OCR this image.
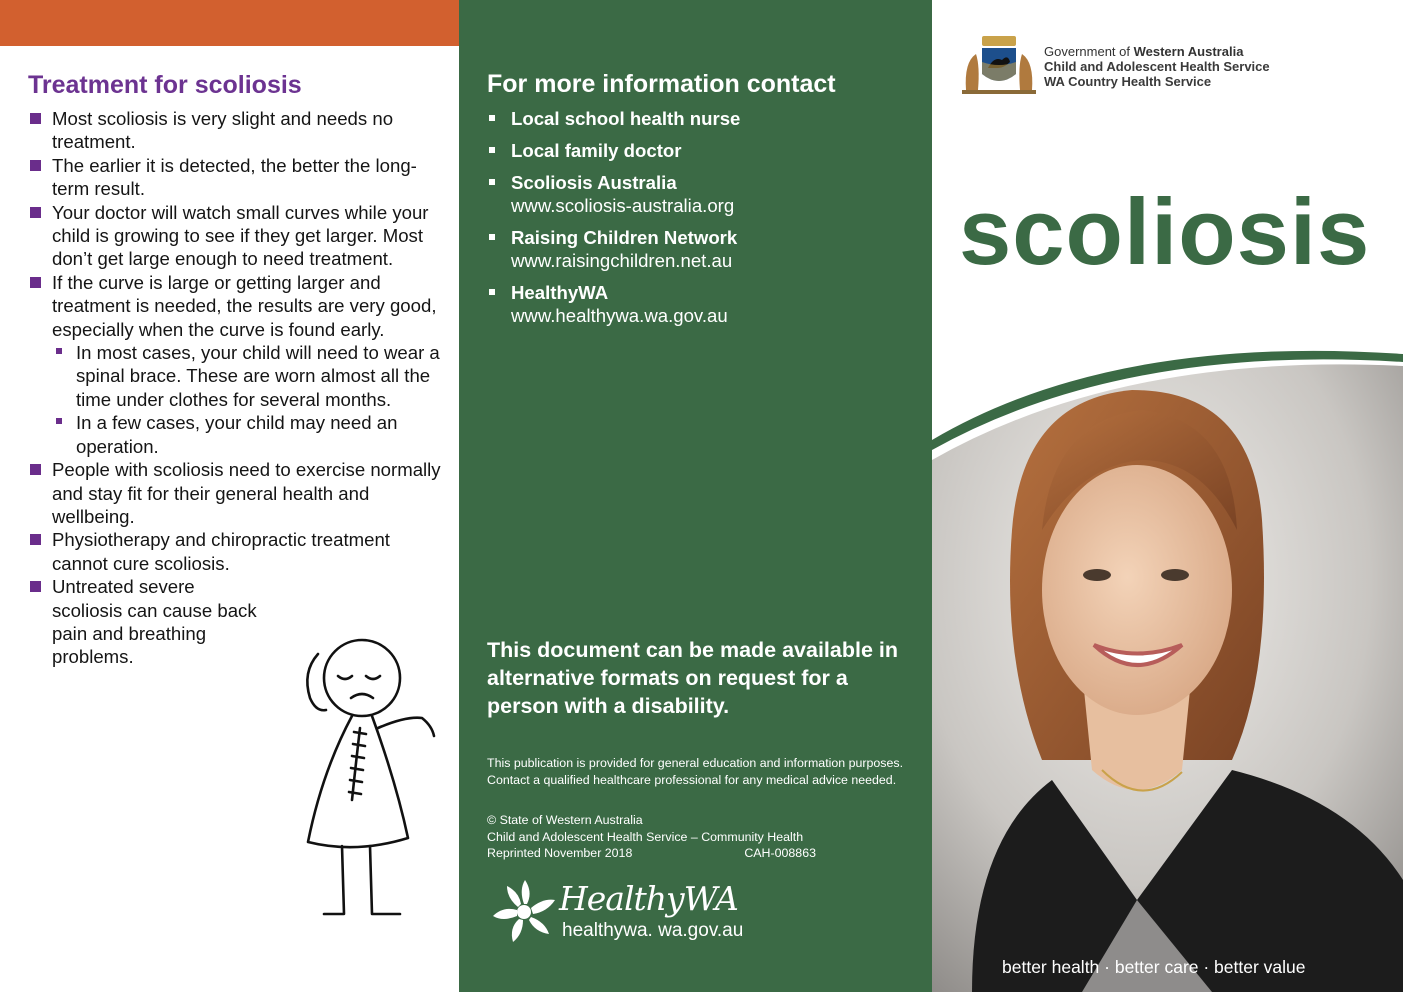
Treatment for scoliosis
Most scoliosis is very slight and needs no treatment.
The earlier it is detected, the better the long-term result.
Your doctor will watch small curves while your child is growing to see if they get larger. Most don’t get large enough to need treatment.
If the curve is large or getting larger and treatment is needed, the results are very good, especially when the curve is found early.
In most cases, your child will need to wear a spinal brace. These are worn almost all the time under clothes for several months.
In a few cases, your child may need an operation.
People with scoliosis need to exercise normally and stay fit for their general health and wellbeing.
Physiotherapy and chiropractic treatment cannot cure scoliosis.
Untreated severe scoliosis can cause back pain and breathing problems.
For more information contact
Local school health nurse
Local family doctor
Scoliosis Australia
www.scoliosis-australia.org
Raising Children Network
www.raisingchildren.net.au
HealthyWA
www.healthywa.wa.gov.au

This document can be made available in alternative formats on request for a person with a disability.

This publication is provided for general education and information purposes. Contact a qualified healthcare professional for any medical advice needed.

© State of Western Australia
Child and Adolescent Health Service – Community Health
Reprinted November 2018	CAH-008863
HealthyWA
healthywa. wa.gov.au
Government of Western Australia
Child and Adolescent Health Service
WA Country Health Service
scoliosis
better health · better care · better value
